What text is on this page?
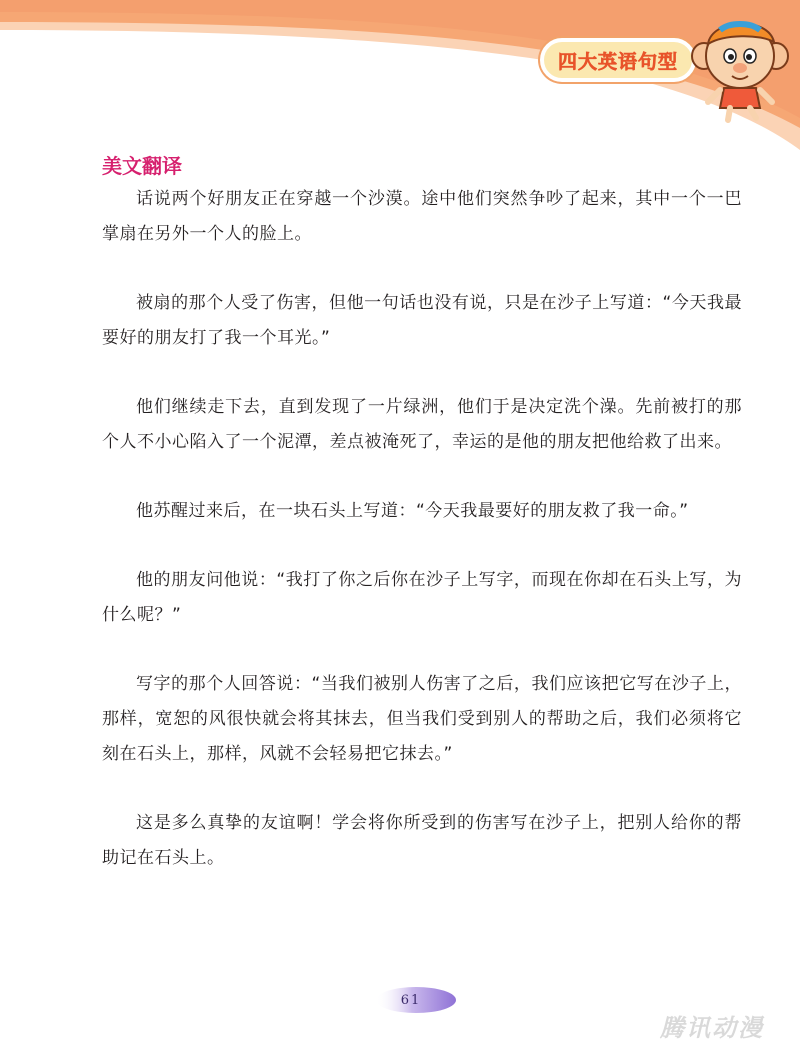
四大英语句型
美文翻译

话说两个好朋友正在穿越一个沙漠。途中他们突然争吵了起来，其中一个一巴掌扇在另外一个人的脸上。

被扇的那个人受了伤害，但他一句话也没有说，只是在沙子上写道：“今天我最要好的朋友打了我一个耳光。”

他们继续走下去，直到发现了一片绿洲，他们于是决定洗个澡。先前被打的那个人不小心陷入了一个泥潭，差点被淹死了，幸运的是他的朋友把他给救了出来。

他苏醒过来后，在一块石头上写道：“今天我最要好的朋友救了我一命。”

他的朋友问他说：“我打了你之后你在沙子上写字，而现在你却在石头上写，为什么呢？”

写字的那个人回答说：“当我们被别人伤害了之后，我们应该把它写在沙子上，那样，宽恕的风很快就会将其抹去，但当我们受到别人的帮助之后，我们必须将它刻在石头上，那样，风就不会轻易把它抹去。”

这是多么真挚的友谊啊！学会将你所受到的伤害写在沙子上，把别人给你的帮助记在石头上。

61
腾讯动漫
